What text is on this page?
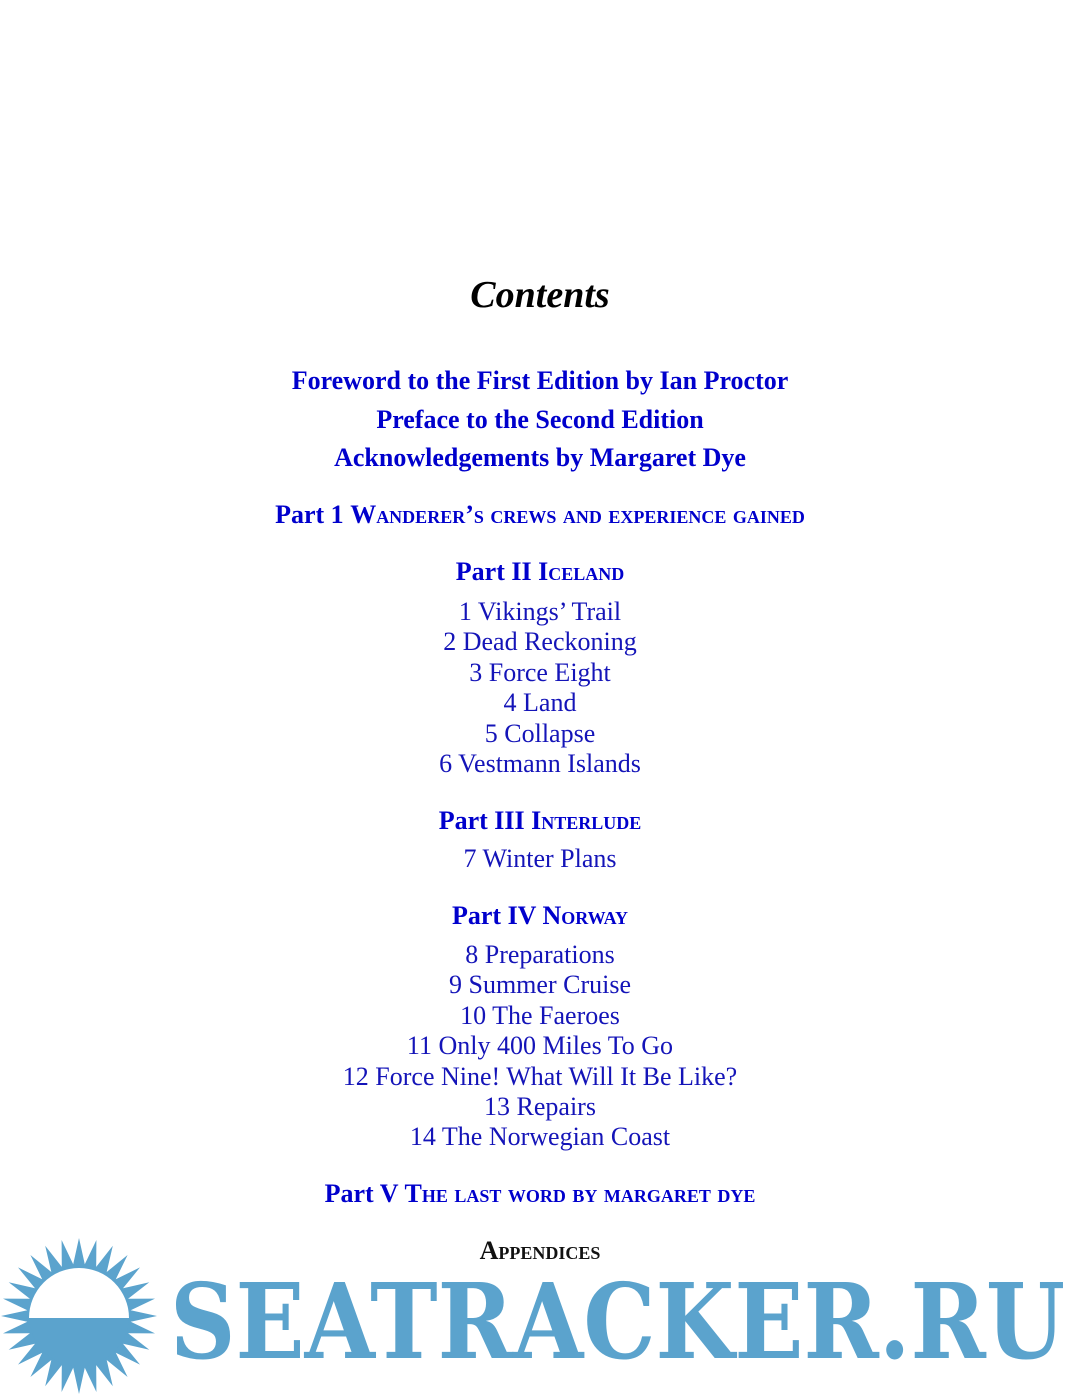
Contents
Foreword to the First Edition by Ian Proctor
Preface to the Second Edition
Acknowledgements by Margaret Dye
Part 1 Wanderer’s crews and experience gained
Part II Iceland
1 Vikings’ Trail
2 Dead Reckoning
3 Force Eight
4 Land
5 Collapse
6 Vestmann Islands
Part III Interlude
7 Winter Plans
Part IV Norway
8 Preparations
9 Summer Cruise
10 The Faeroes
11 Only 400 Miles To Go
12 Force Nine! What Will It Be Like?
13 Repairs
14 The Norwegian Coast
Part V The last word by margaret dye
Appendices
SEATRACKER.RU
